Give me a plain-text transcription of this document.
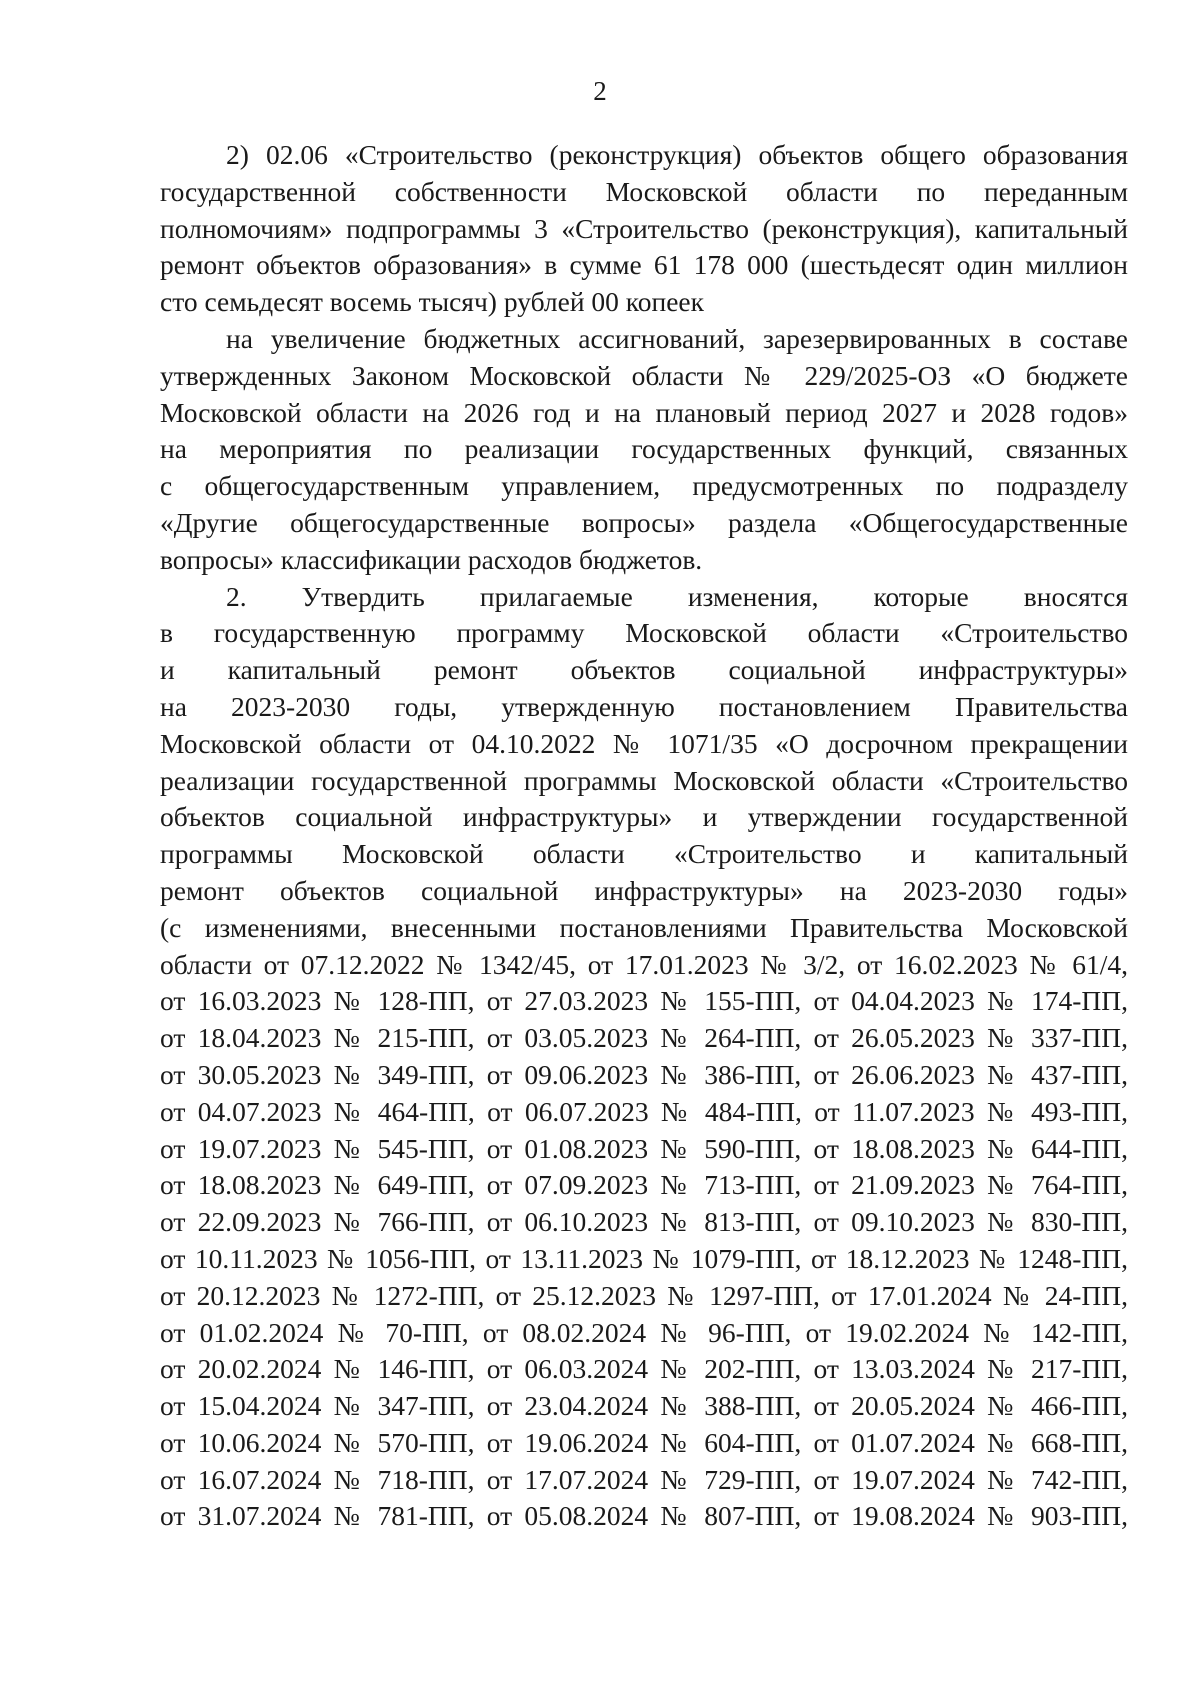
2
2) 02.06 «Строительство (реконструкция) объектов общего образования
государственной собственности Московской области по переданным
полномочиям» подпрограммы 3 «Строительство (реконструкция), капитальный
ремонт объектов образования» в сумме 61 178 000 (шестьдесят один миллион
сто семьдесят восемь тысяч) рублей 00 копеек
на увеличение бюджетных ассигнований, зарезервированных в составе
утвержденных Законом Московской области № 229/2025-ОЗ «О бюджете
Московской области на 2026 год и на плановый период 2027 и 2028 годов»
на мероприятия по реализации государственных функций, связанных
с общегосударственным управлением, предусмотренных по подразделу
«Другие общегосударственные вопросы» раздела «Общегосударственные
вопросы» классификации расходов бюджетов.
2. Утвердить прилагаемые изменения, которые вносятся
в государственную программу Московской области «Строительство
и капитальный ремонт объектов социальной инфраструктуры»
на 2023-2030 годы, утвержденную постановлением Правительства
Московской области от 04.10.2022 № 1071/35 «О досрочном прекращении
реализации государственной программы Московской области «Строительство
объектов социальной инфраструктуры» и утверждении государственной
программы Московской области «Строительство и капитальный
ремонт объектов социальной инфраструктуры» на 2023-2030 годы»
(с изменениями, внесенными постановлениями Правительства Московской
области от 07.12.2022 № 1342/45, от 17.01.2023 № 3/2, от 16.02.2023 № 61/4,
от 16.03.2023 № 128-ПП, от 27.03.2023 № 155-ПП, от 04.04.2023 № 174-ПП,
от 18.04.2023 № 215-ПП, от 03.05.2023 № 264-ПП, от 26.05.2023 № 337-ПП,
от 30.05.2023 № 349-ПП, от 09.06.2023 № 386-ПП, от 26.06.2023 № 437-ПП,
от 04.07.2023 № 464-ПП, от 06.07.2023 № 484-ПП, от 11.07.2023 № 493-ПП,
от 19.07.2023 № 545-ПП, от 01.08.2023 № 590-ПП, от 18.08.2023 № 644-ПП,
от 18.08.2023 № 649-ПП, от 07.09.2023 № 713-ПП, от 21.09.2023 № 764-ПП,
от 22.09.2023 № 766-ПП, от 06.10.2023 № 813-ПП, от 09.10.2023 № 830-ПП,
от 10.11.2023 № 1056-ПП, от 13.11.2023 № 1079-ПП, от 18.12.2023 № 1248-ПП,
от 20.12.2023 № 1272-ПП, от 25.12.2023 № 1297-ПП, от 17.01.2024 № 24-ПП,
от 01.02.2024 № 70-ПП, от 08.02.2024 № 96-ПП, от 19.02.2024 № 142-ПП,
от 20.02.2024 № 146-ПП, от 06.03.2024 № 202-ПП, от 13.03.2024 № 217-ПП,
от 15.04.2024 № 347-ПП, от 23.04.2024 № 388-ПП, от 20.05.2024 № 466-ПП,
от 10.06.2024 № 570-ПП, от 19.06.2024 № 604-ПП, от 01.07.2024 № 668-ПП,
от 16.07.2024 № 718-ПП, от 17.07.2024 № 729-ПП, от 19.07.2024 № 742-ПП,
от 31.07.2024 № 781-ПП, от 05.08.2024 № 807-ПП, от 19.08.2024 № 903-ПП,
